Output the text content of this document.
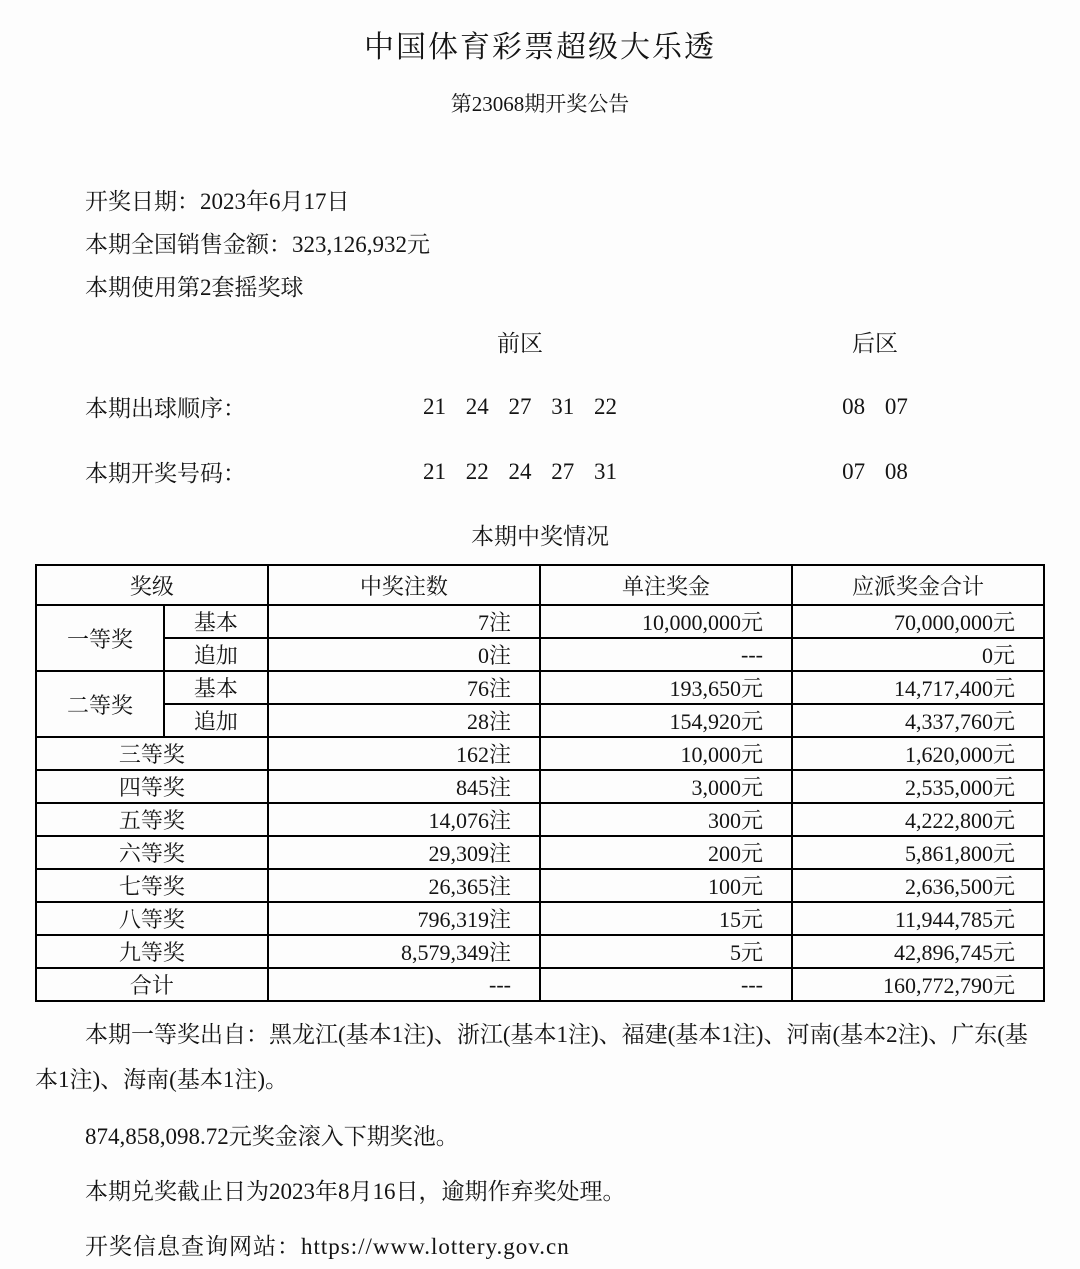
中国体育彩票超级大乐透
第23068期开奖公告
开奖日期：2023年6月17日
本期全国销售金额：323,126,932元
本期使用第2套摇奖球
前区	后区
本期出球顺序：	21 24 27 31 22	08 07
本期开奖号码：	21 22 24 27 31	07 08
本期中奖情况
奖级		中奖注数	单注奖金	应派奖金合计
一等奖	基本	7注	10,000,000元	70,000,000元
	追加	0注	---	0元
二等奖	基本	76注	193,650元	14,717,400元
	追加	28注	154,920元	4,337,760元
三等奖		162注	10,000元	1,620,000元
四等奖		845注	3,000元	2,535,000元
五等奖		14,076注	300元	4,222,800元
六等奖		29,309注	200元	5,861,800元
七等奖		26,365注	100元	2,636,500元
八等奖		796,319注	15元	11,944,785元
九等奖		8,579,349注	5元	42,896,745元
合计		---	---	160,772,790元
本期一等奖出自：黑龙江(基本1注)、浙江(基本1注)、福建(基本1注)、河南(基本2注)、广东(基本1注)、海南(基本1注)。
874,858,098.72元奖金滚入下期奖池。
本期兑奖截止日为2023年8月16日，逾期作弃奖处理。
开奖信息查询网站：https://www.lottery.gov.cn
